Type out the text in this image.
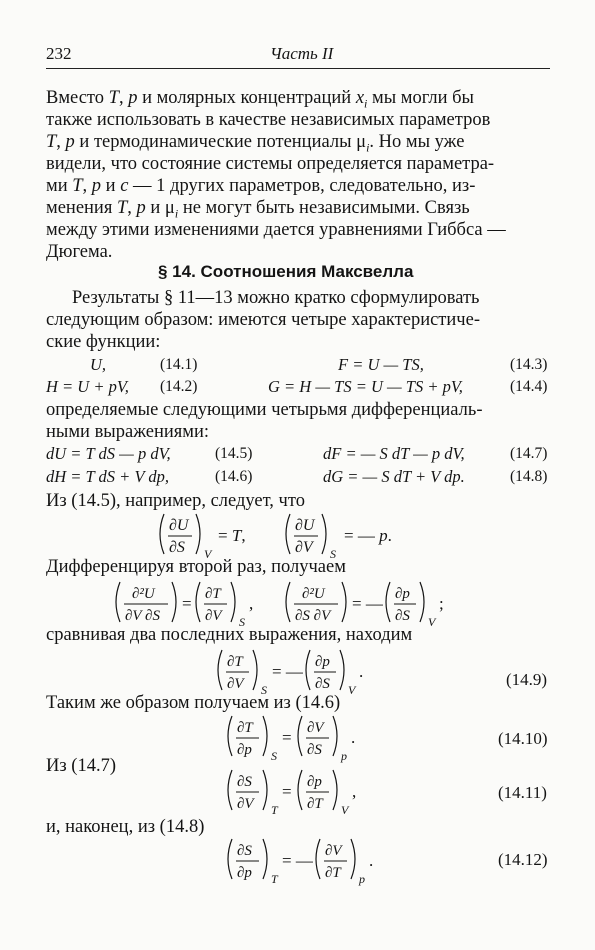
232	Часть II
Вместо T, p и молярных концентраций $x_i$ мы могли бы
также использовать в качестве независимых параметров
T, p и термодинамические потенциалы $\mu_i$. Но мы уже
видели, что состояние системы определяется параметра-
ми T, p и c — 1 других параметров, следовательно, из-
менения T, p и $\mu_i$ не могут быть независимыми. Связь
между этими изменениями дается уравнениями Гиббса —
Дюгема.
§ 14. Соотношения Максвелла
Результаты § 11—13 можно кратко сформулировать
следующим образом: имеются четыре характеристиче-
ские функции:
U,	(14.1)	F = U — TS,	(14.3)
H = U + pV, (14.2)	G = H — TS = U — TS + pV,	(14.4)
определяемые следующими четырьмя дифференциаль-
ными выражениями:
dU = T dS — p dV,	(14.5)	dF = — S dT — p dV,	(14.7)
dH = T dS + V dp,	(14.6)	dG = — S dT + V dp.	(14.8)
Из (14.5), например, следует, что
∂U
∂S V
= T,
∂U
∂V S
= — p.
Дифференцируя второй раз, получаем
∂²U
∂V ∂S
= ∂T
∂V S
,	∂²U
∂S ∂V
= — ∂p
∂S V
;
сравнивая два последних выражения, находим
∂T
∂V S
= — ∂p
∂S V
.	(14.9)
Таким же образом получаем из (14.6)
∂T
∂p S
= ∂V
∂S p
.	(14.10)
Из (14.7)
∂S
∂V T
= ∂p
∂T V
,	(14.11)
и, наконец, из (14.8)
∂S
∂p T
= — ∂V
∂T p
.	(14.12)
